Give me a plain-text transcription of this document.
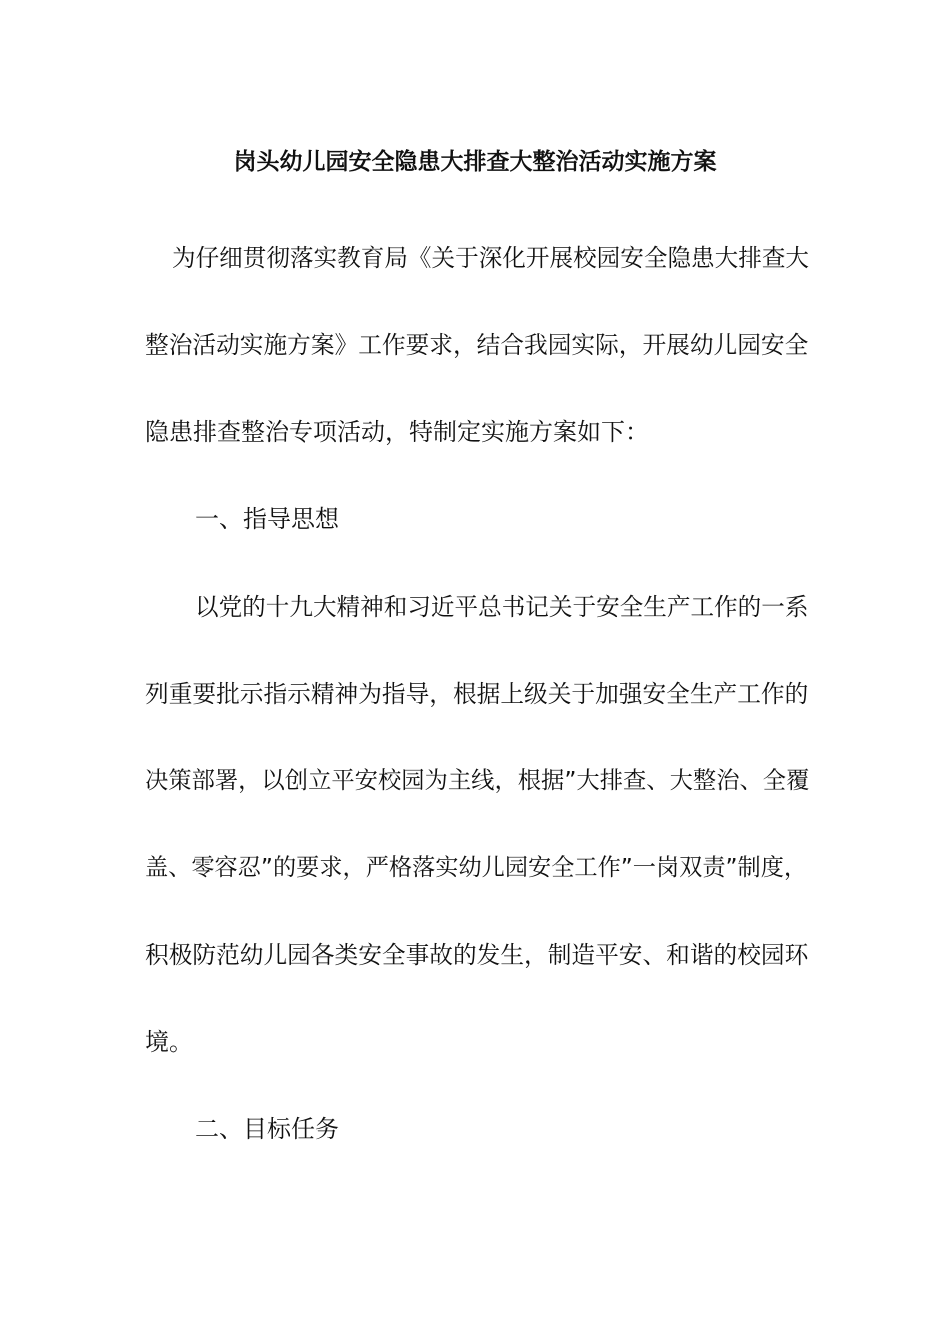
岗头幼儿园安全隐患大排查大整治活动实施方案
为仔细贯彻落实教育局《关于深化开展校园安全隐患大排查大
整治活动实施方案》工作要求，结合我园实际，开展幼儿园安全
隐患排查整治专项活动，特制定实施方案如下：
一、指导思想
以党的十九大精神和习近平总书记关于安全生产工作的一系
列重要批示指示精神为指导，根据上级关于加强安全生产工作的
决策部署，以创立平安校园为主线，根据”大排查、大整治、全覆
盖、零容忍”的要求，严格落实幼儿园安全工作”一岗双责”制度，
积极防范幼儿园各类安全事故的发生，制造平安、和谐的校园环
境。
二、目标任务
